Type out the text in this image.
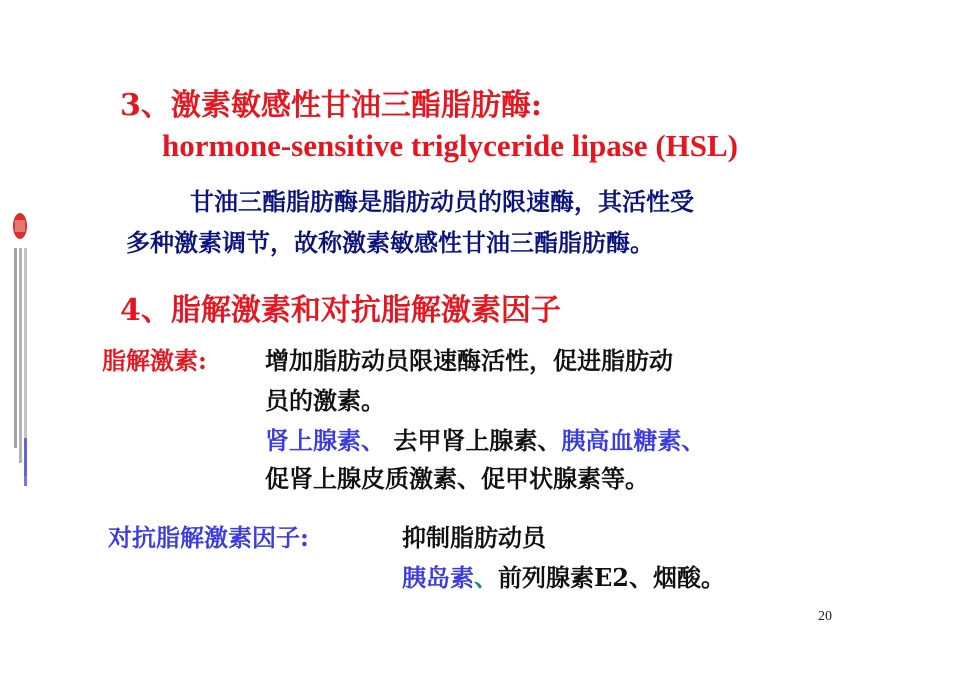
3、激素敏感性甘油三酯脂肪酶:
hormone-sensitive triglyceride lipase (HSL)
甘油三酯脂肪酶是脂肪动员的限速酶，其活性受
多种激素调节，故称激素敏感性甘油三酯脂肪酶。
4、脂解激素和对抗脂解激素因子
脂解激素: 增加脂肪动员限速酶活性，促进脂肪动
员的激素。
肾上腺素、 去甲肾上腺素、胰高血糖素、
促肾上腺皮质激素、促甲状腺素等。
对抗脂解激素因子:	抑制脂肪动员
胰岛素、前列腺素E2、烟酸。
20
